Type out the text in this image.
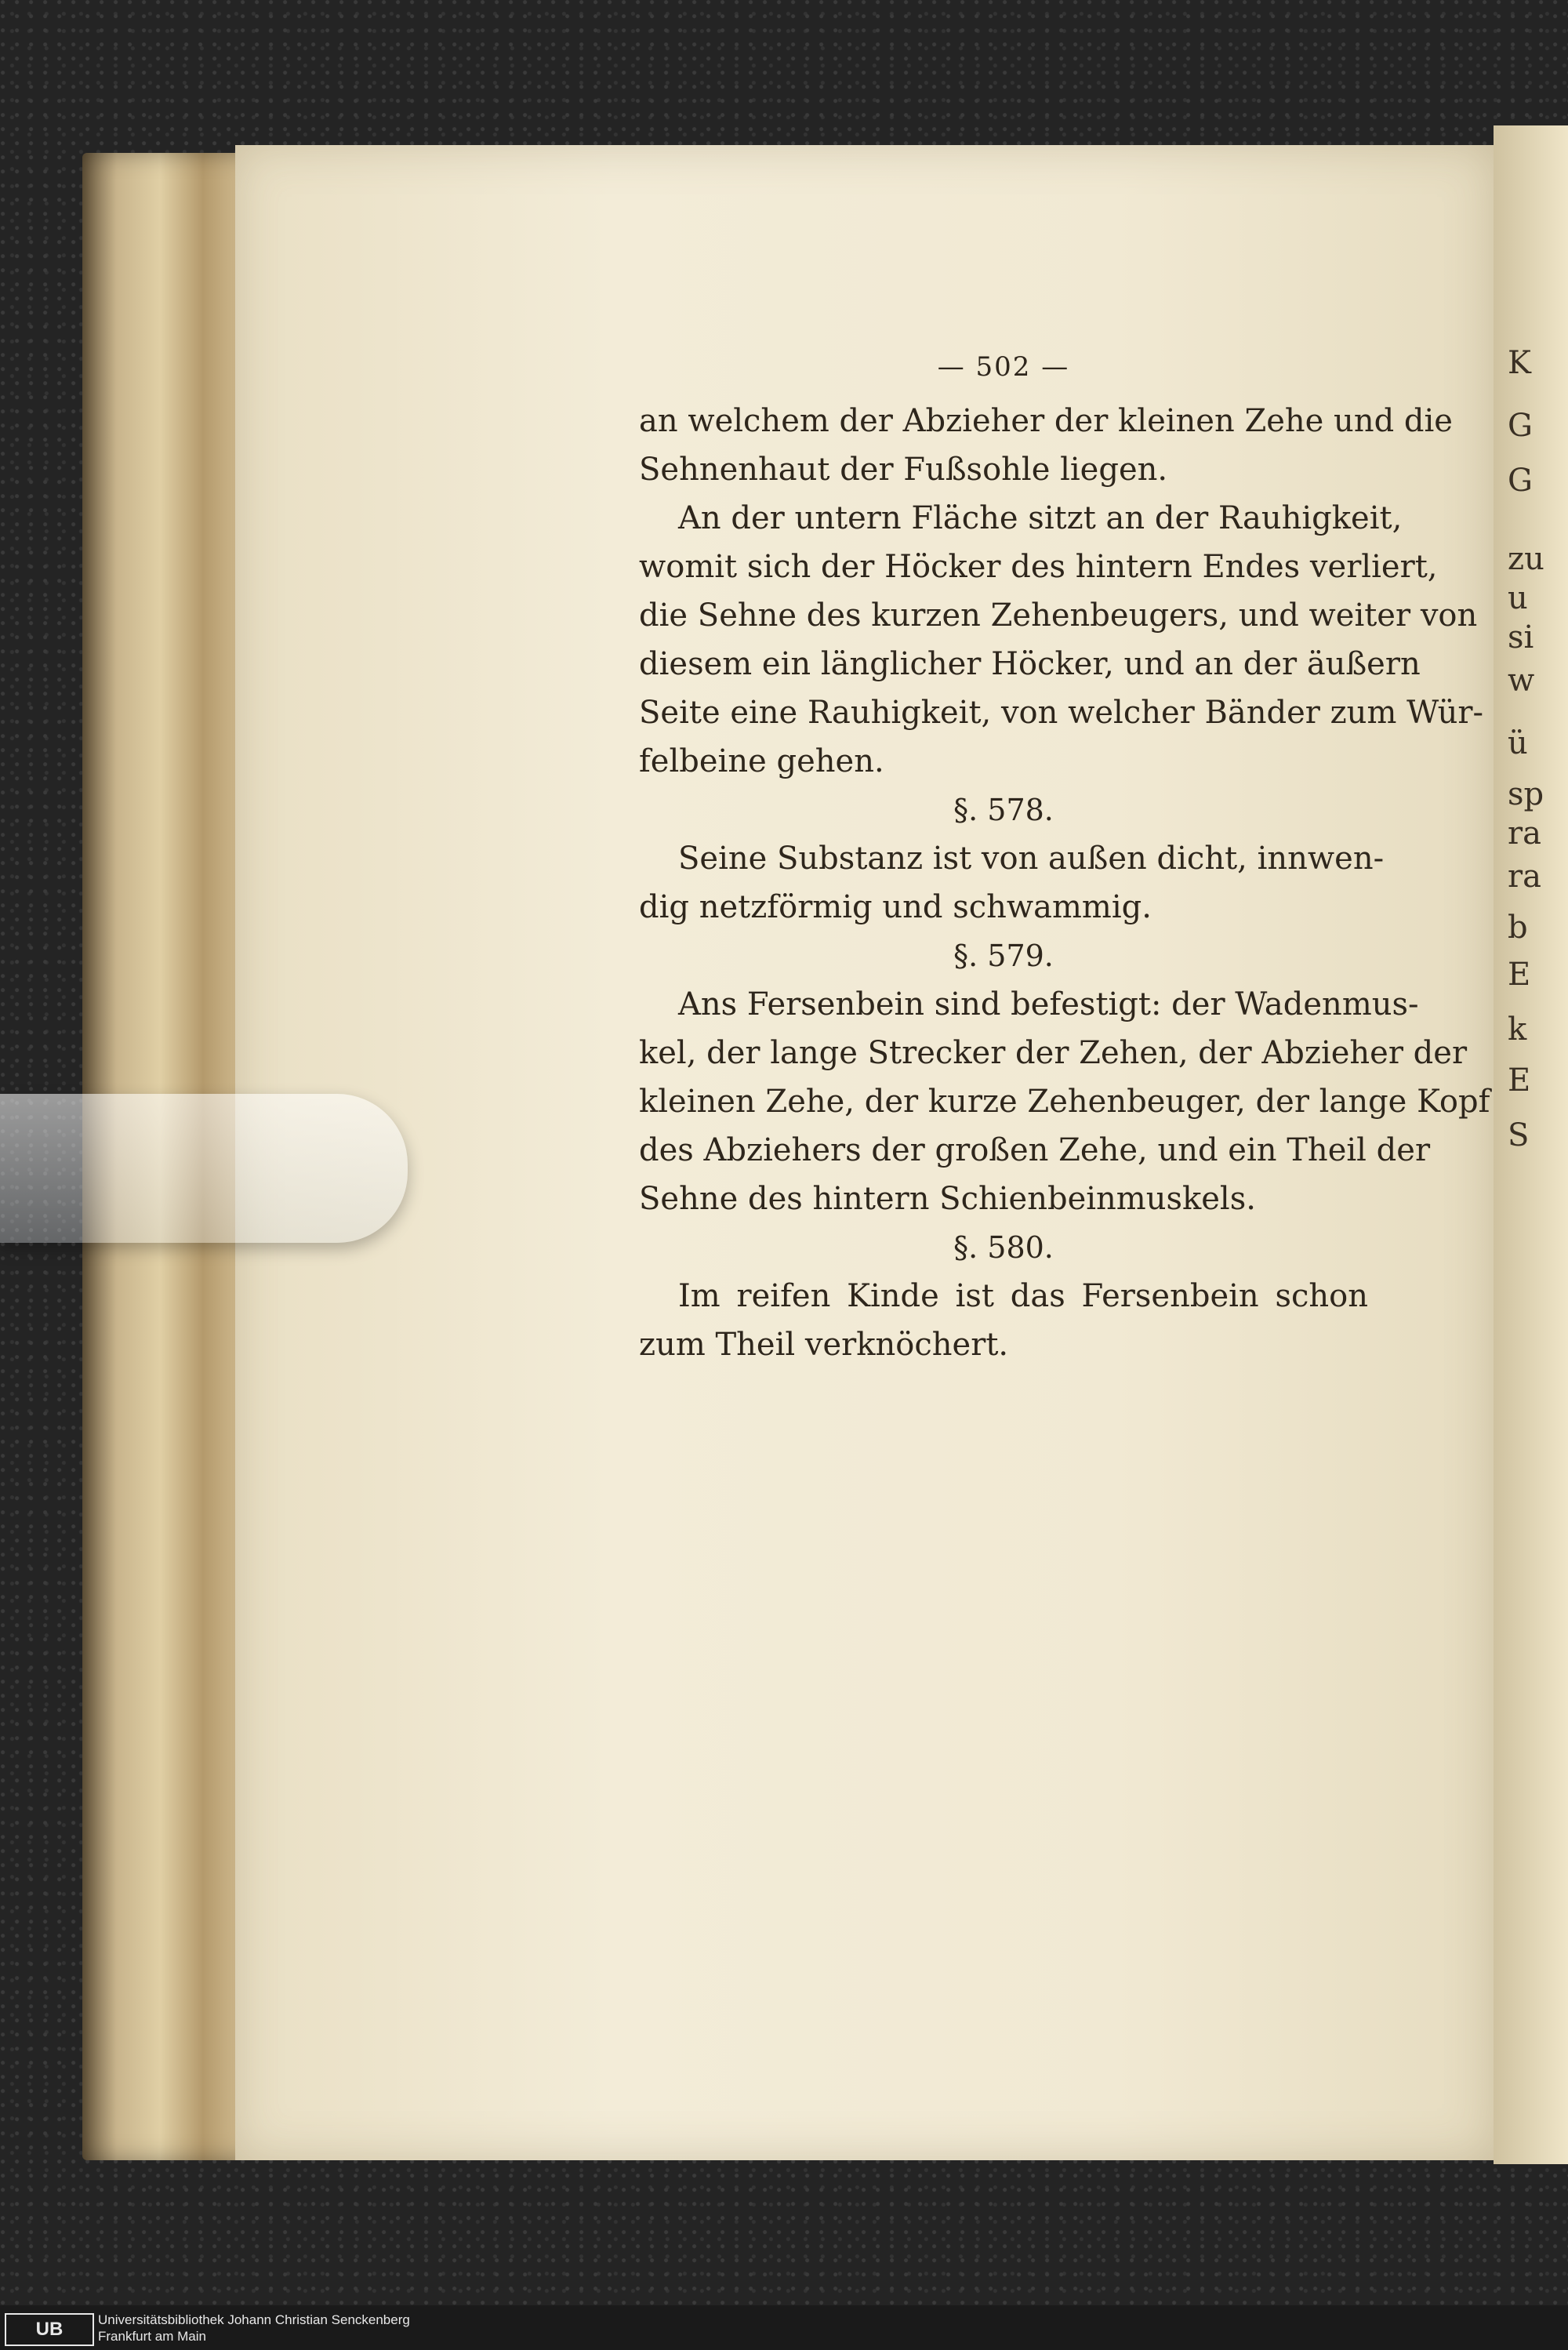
K
G
G
zu
u
si
w
ü
sp
ra
ra
b
E
k
E
S
— 502 —
an welchem der Abzieher der kleinen Zehe und die
Sehnenhaut der Fußsohle liegen.
An der untern Fläche sitzt an der Rauhigkeit,
womit sich der Höcker des hintern Endes verliert,
die Sehne des kurzen Zehenbeugers, und weiter von
diesem ein länglicher Höcker, und an der äußern
Seite eine Rauhigkeit, von welcher Bänder zum Wür-
felbeine gehen.
§. 578.
Seine Substanz ist von außen dicht, innwen-
dig netzförmig und schwammig.
§. 579.
Ans Fersenbein sind befestigt: der Wadenmus-
kel, der lange Strecker der Zehen, der Abzieher der
kleinen Zehe, der kurze Zehenbeuger, der lange Kopf
des Abziehers der großen Zehe, und ein Theil der
Sehne des hintern Schienbeinmuskels.
§. 580.
Im reifen Kinde ist das Fersenbein schon
zum Theil verknöchert.
UB	Universitätsbibliothek Johann Christian Senckenberg
Frankfurt am Main
